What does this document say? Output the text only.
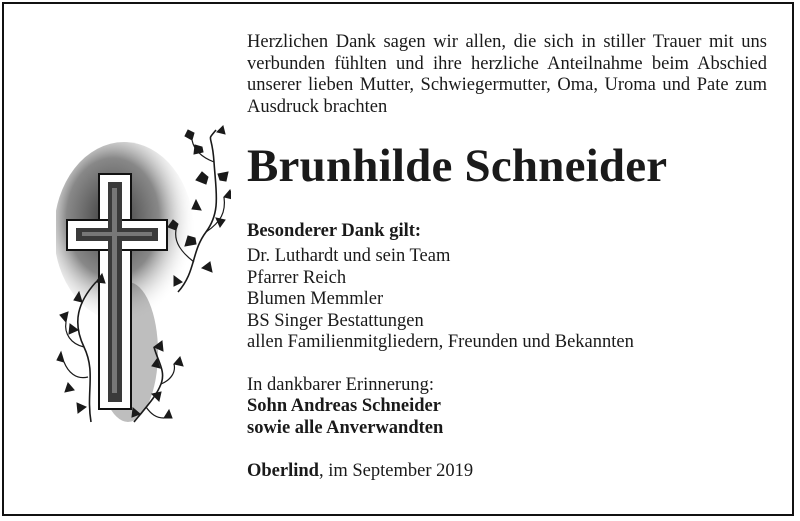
Herzlichen Dank sagen wir allen, die sich in stiller Trauer mit uns verbunden fühlten und ihre herzliche Anteilnahme beim Abschied unserer lieben Mutter, Schwiegermutter, Oma, Uroma und Pate zum Ausdruck brachten

Brunhilde Schneider

Besonderer Dank gilt:

Dr. Luthardt und sein Team
Pfarrer Reich
Blumen Memmler
BS Singer Bestattungen
allen Familienmitgliedern, Freunden und Bekannten

In dankbarer Erinnerung:

Sohn Andreas Schneider

sowie alle Anverwandten

Oberlind, im September 2019
